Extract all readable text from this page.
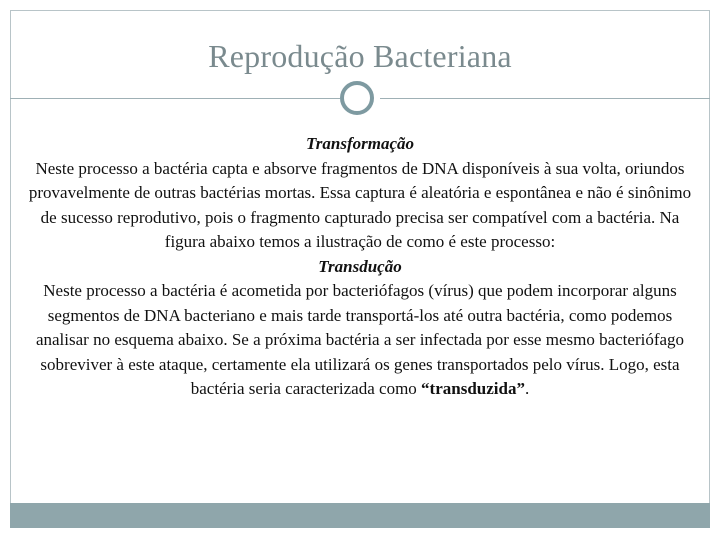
Reprodução Bacteriana

Transformação

Neste processo a bactéria capta e absorve fragmentos de DNA disponíveis à sua volta, oriundos provavelmente de outras bactérias mortas. Essa captura é aleatória e espontânea e não é sinônimo de sucesso reprodutivo, pois o fragmento capturado precisa ser compatível com a bactéria. Na figura abaixo temos a ilustração de como é este processo:

Transdução

Neste processo a bactéria é acometida por bacteriófagos (vírus) que podem incorporar alguns segmentos de DNA bacteriano e mais tarde transportá-los até outra bactéria, como podemos analisar no esquema abaixo. Se a próxima bactéria a ser infectada por esse mesmo bacteriófago sobreviver à este ataque, certamente ela utilizará os genes transportados pelo vírus. Logo, esta bactéria seria caracterizada como “transduzida”.
